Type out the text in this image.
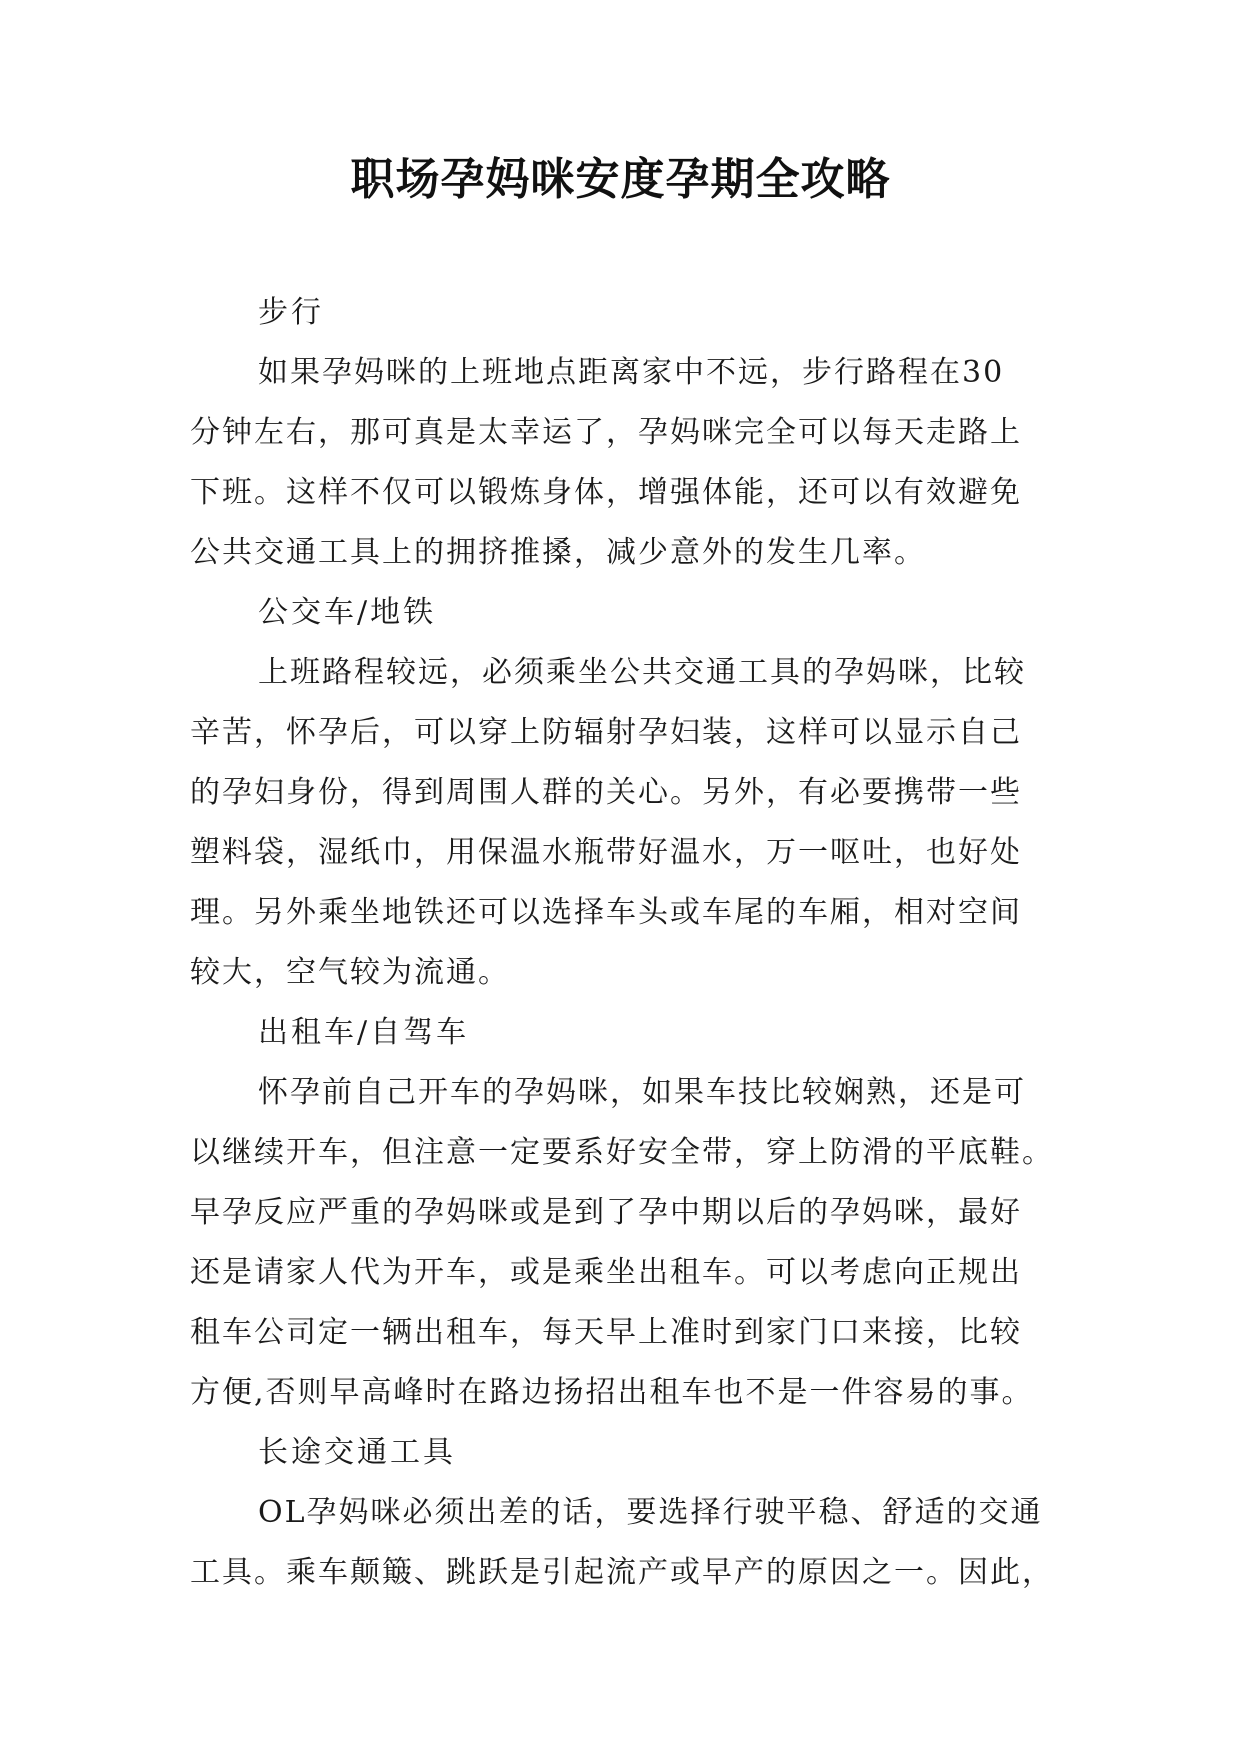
职场孕妈咪安度孕期全攻略
步行
如果孕妈咪的上班地点距离家中不远，步行路程在30
分钟左右，那可真是太幸运了，孕妈咪完全可以每天走路上
下班。这样不仅可以锻炼身体，增强体能，还可以有效避免
公共交通工具上的拥挤推搡，减少意外的发生几率。
公交车/地铁
上班路程较远，必须乘坐公共交通工具的孕妈咪，比较
辛苦，怀孕后，可以穿上防辐射孕妇装，这样可以显示自己
的孕妇身份，得到周围人群的关心。另外，有必要携带一些
塑料袋，湿纸巾，用保温水瓶带好温水，万一呕吐，也好处
理。另外乘坐地铁还可以选择车头或车尾的车厢，相对空间
较大，空气较为流通。
出租车/自驾车
怀孕前自己开车的孕妈咪，如果车技比较娴熟，还是可
以继续开车，但注意一定要系好安全带，穿上防滑的平底鞋。
早孕反应严重的孕妈咪或是到了孕中期以后的孕妈咪，最好
还是请家人代为开车，或是乘坐出租车。可以考虑向正规出
租车公司定一辆出租车，每天早上准时到家门口来接，比较
方便,否则早高峰时在路边扬招出租车也不是一件容易的事。
长途交通工具
OL孕妈咪必须出差的话，要选择行驶平稳、舒适的交通
工具。乘车颠簸、跳跃是引起流产或早产的原因之一。因此，
